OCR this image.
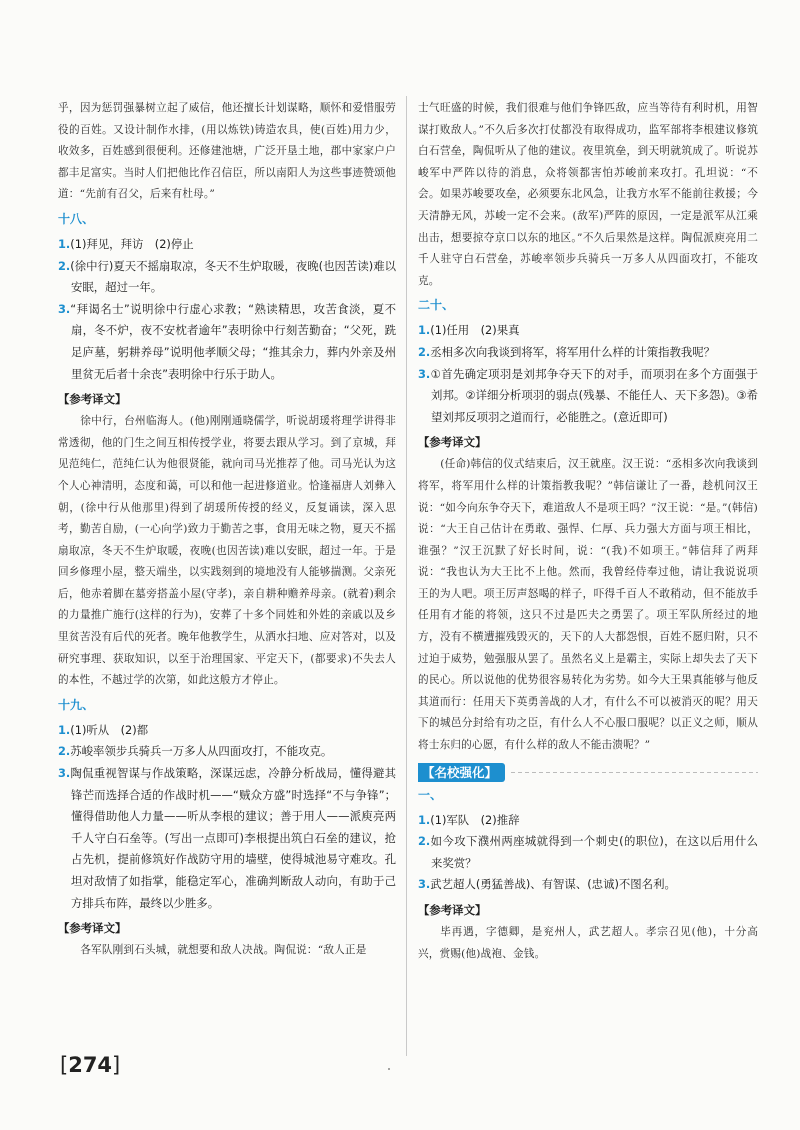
乎，因为惩罚强暴树立起了威信，他还擅长计划谋略，顺怀和爱惜服劳役的百姓。又设计制作水排，(用以炼铁)铸造农具，使(百姓)用力少，收效多，百姓感到很便利。还修建池塘，广泛开垦土地，郡中家家户户都丰足富实。当时人们把他比作召信臣，所以南阳人为这些事迹赞颂他道：“先前有召父，后来有杜母。”

十八、

1.(1)拜见，拜访　(2)停止

2.(徐中行)夏天不摇扇取凉，冬天不生炉取暖，夜晚(也因苦读)难以安眠，超过一年。

3.“拜谒名士”说明徐中行虚心求教；“熟读精思，攻苦食淡，夏不扇，冬不炉，夜不安枕者逾年”表明徐中行刻苦勤奋；“父死，跣足庐墓，躬耕养母”说明他孝顺父母；“推其余力，葬内外亲及州里贫无后者十余丧”表明徐中行乐于助人。

【参考译文】

徐中行，台州临海人。(他)刚刚通晓儒学，听说胡瑗将理学讲得非常透彻，他的门生之间互相传授学业，将要去跟从学习。到了京城，拜见范纯仁，范纯仁认为他很贤能，就向司马光推荐了他。司马光认为这个人心神清明，态度和蔼，可以和他一起进修道业。恰逢福唐人刘彝入朝，(徐中行从他那里)得到了胡瑗所传授的经义，反复诵读，深入思考，勤苦自励，(一心向学)致力于勤苦之事，食用无味之物，夏天不摇扇取凉，冬天不生炉取暖，夜晚(也因苦读)难以安眠，超过一年。于是回乡修理小屋，整天端坐，以实践刻到的境地没有人能够揣测。父亲死后，他赤着脚在墓旁搭盖小屋(守孝)，亲自耕种赡养母亲。(就着)剩余的力量推广施行(这样的行为)，安葬了十多个同姓和外姓的亲戚以及乡里贫苦没有后代的死者。晚年他教学生，从洒水扫地、应对答对，以及研究事理、获取知识，以至于治理国家、平定天下，(都要求)不失去人的本性，不越过学的次第，如此这般方才停止。

十九、

1.(1)听从　(2)都

2.苏峻率领步兵骑兵一万多人从四面攻打，不能攻克。

3.陶侃重视智谋与作战策略，深谋远虑，冷静分析战局，懂得避其锋芒而选择合适的作战时机——“贼众方盛”时选择“不与争锋”；懂得借助他人力量——听从李根的建议；善于用人——派庾亮两千人守白石垒等。(写出一点即可)李根提出筑白石垒的建议，抢占先机，提前修筑好作战防守用的墙壁，使得城池易守难攻。孔坦对敌情了如指掌，能稳定军心，准确判断敌人动向，有助于己方排兵布阵，最终以少胜多。

【参考译文】

各军队刚到石头城，就想要和敌人决战。陶侃说：“敌人正是

士气旺盛的时候，我们很难与他们争锋匹敌，应当等待有利时机，用智谋打败敌人。”不久后多次打仗都没有取得成功，监军部将李根建议修筑白石营垒，陶侃听从了他的建议。夜里筑垒，到天明就筑成了。听说苏峻军中严阵以待的消息，众将领都害怕苏峻前来攻打。孔坦说：“不会。如果苏峻要攻垒，必须要东北风急，让我方水军不能前往救援；今天清静无风，苏峻一定不会来。(敌军)严阵的原因，一定是派军从江乘出击，想要掠夺京口以东的地区。”不久后果然是这样。陶侃派庾亮用二千人驻守白石营垒，苏峻率领步兵骑兵一万多人从四面攻打，不能攻克。

二十、

1.(1)任用　(2)果真

2.丞相多次向我谈到将军，将军用什么样的计策指教我呢？

3.①首先确定项羽是刘邦争夺天下的对手，而项羽在多个方面强于刘邦。②详细分析项羽的弱点(残暴、不能任人、天下多怨)。③希望刘邦反项羽之道而行，必能胜之。(意近即可)

【参考译文】

(任命)韩信的仪式结束后，汉王就座。汉王说：“丞相多次向我谈到将军，将军用什么样的计策指教我呢？”韩信谦让了一番，趁机问汉王说：“如今向东争夺天下，难道敌人不是项王吗？”汉王说：“是。”(韩信)说：“大王自己估计在勇敢、强悍、仁厚、兵力强大方面与项王相比，谁强？”汉王沉默了好长时间，说：“(我)不如项王。”韩信拜了两拜说：“我也认为大王比不上他。然而，我曾经侍奉过他，请让我说说项王的为人吧。项王厉声怒喝的样子，吓得千百人不敢稍动，但不能放手任用有才能的将领，这只不过是匹夫之勇罢了。项王军队所经过的地方，没有不横遭摧残毁灭的，天下的人大都怨恨，百姓不愿归附，只不过迫于威势，勉强服从罢了。虽然名义上是霸主，实际上却失去了天下的民心。所以说他的优势很容易转化为劣势。如今大王果真能够与他反其道而行：任用天下英勇善战的人才，有什么不可以被消灭的呢？用天下的城邑分封给有功之臣，有什么人不心服口服呢？以正义之师，顺从将士东归的心愿，有什么样的敌人不能击溃呢？”

【名校强化】
一、

1.(1)军队　(2)推辞

2.如今攻下濮州两座城就得到一个刺史(的职位)，在这以后用什么来奖赏？

3.武艺超人(勇猛善战)、有智谋、(忠诚)不图名利。

【参考译文】

毕再遇，字德卿，是兖州人，武艺超人。孝宗召见(他)，十分高兴，赏赐(他)战袍、金钱。

[274]
